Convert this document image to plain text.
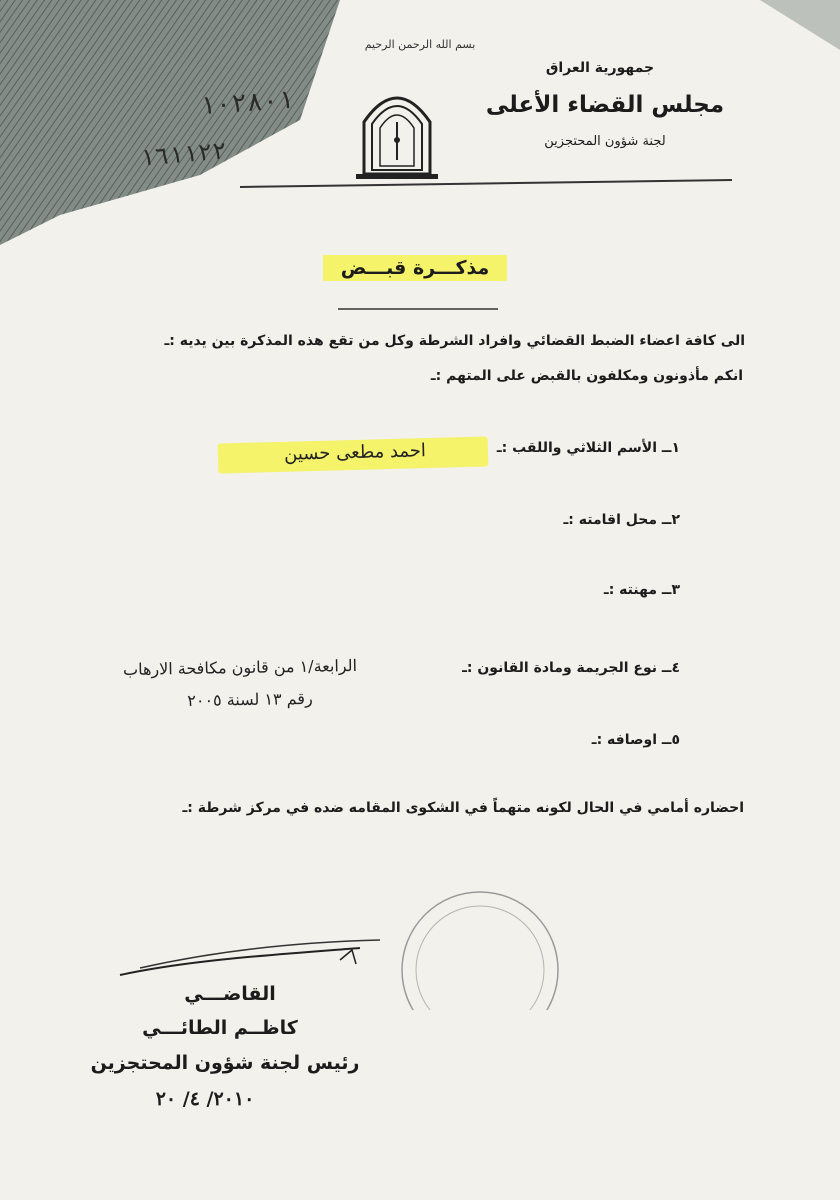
بسم الله الرحمن الرحيم
جمهورية العراق
مجلس القضاء الأعلى
لجنة شؤون المحتجزين
١٠٢٨٠١
١٦١١٢٢
مذكـــرة قبـــض
الى كافة اعضاء الضبط القضائي وافراد الشرطة وكل من تقع هذه المذكرة بين يديه :ـ
انكم مأذونون ومكلفون بالقبض على المتهم :ـ
١ــ الأسم الثلاثي واللقب :ـ
احمد مطعى حسين
٢ــ محل اقامته :ـ
٣ــ مهنته :ـ
٤ــ نوع الجريمة ومادة القانون :ـ
الرابعة/١ من قانون مكافحة الارهاب
رقم ١٣ لسنة ٢٠٠٥
٥ــ اوصافه :ـ
احضاره أمامي في الحال لكونه متهماً في الشكوى المقامه ضده في مركز شرطة :ـ
القاضـــي
كاظــم الطائـــي
رئيس لجنة شؤون المحتجزين
٢٠١٠/ ٤/ ٢٠
